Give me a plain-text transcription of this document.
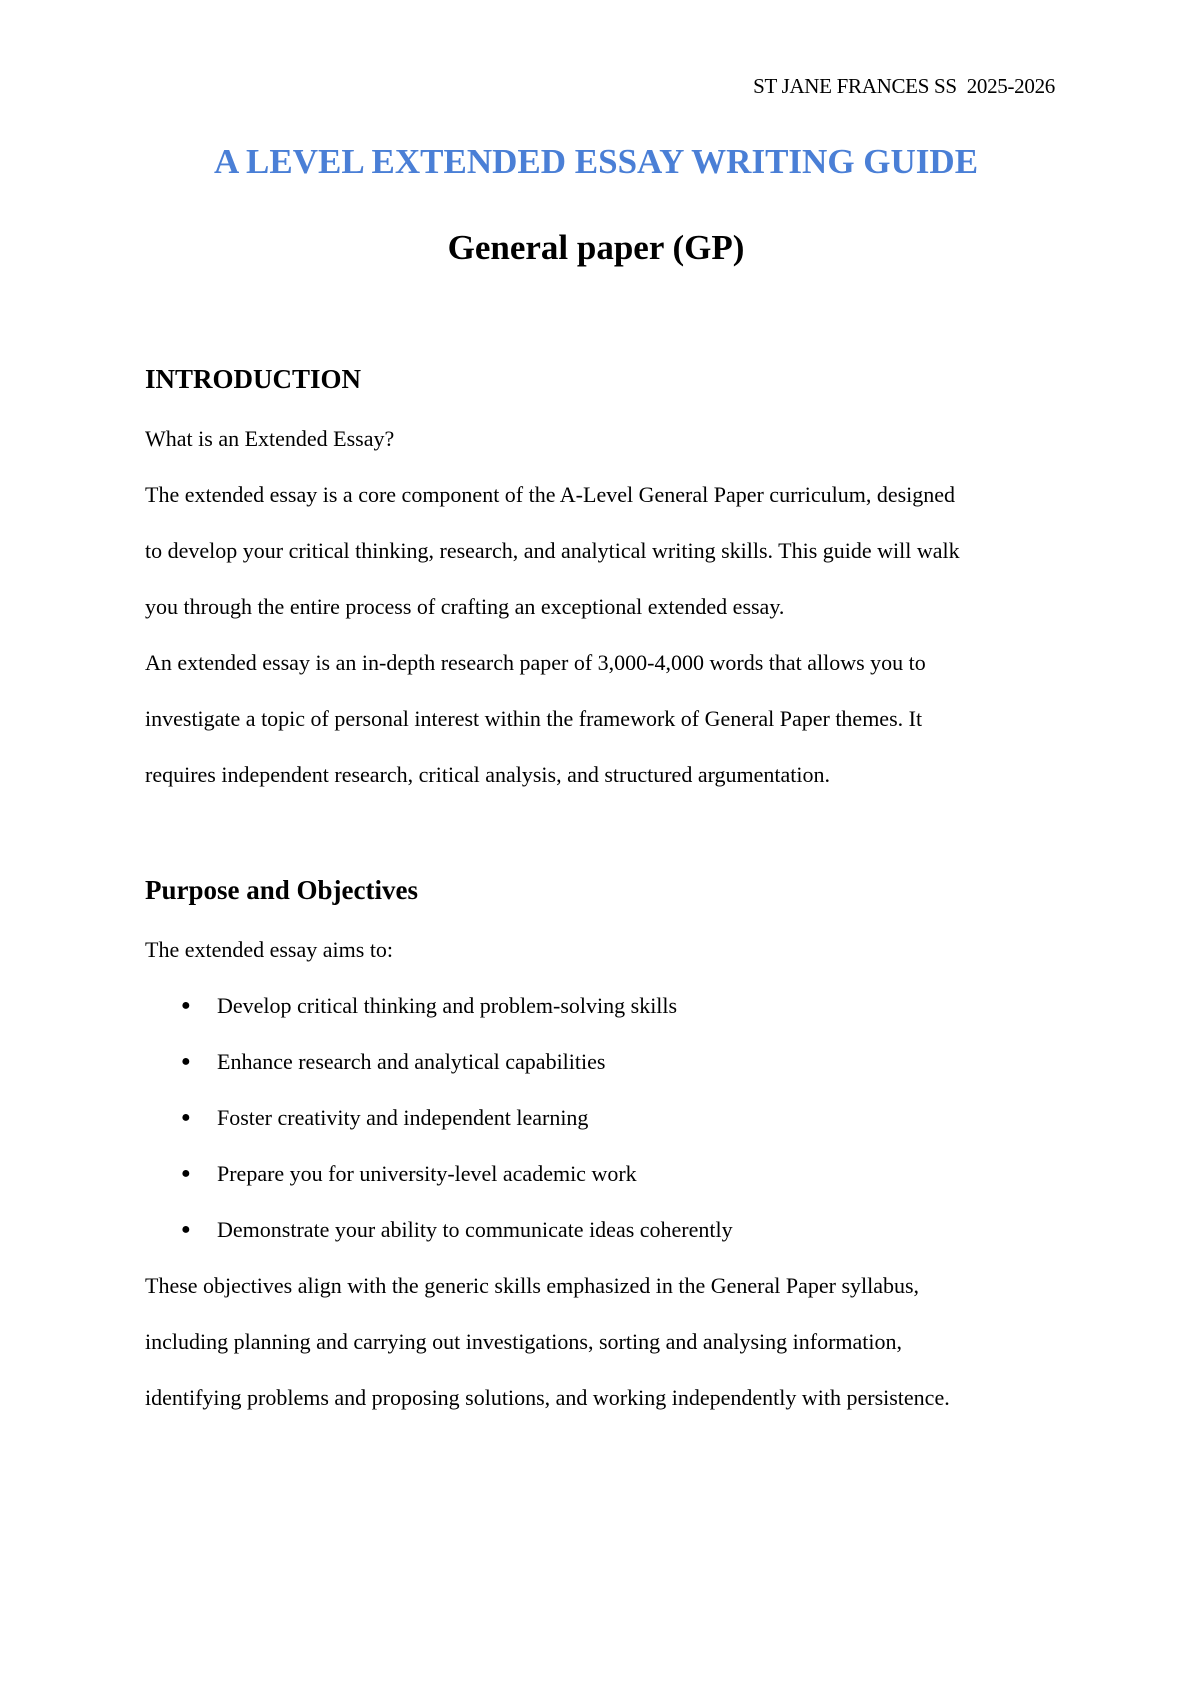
ST JANE FRANCES SS  2025-2026
A LEVEL EXTENDED ESSAY WRITING GUIDE
General paper (GP)
INTRODUCTION
What is an Extended Essay?
The extended essay is a core component of the A-Level General Paper curriculum, designed
to develop your critical thinking, research, and analytical writing skills. This guide will walk
you through the entire process of crafting an exceptional extended essay.
An extended essay is an in-depth research paper of 3,000-4,000 words that allows you to
investigate a topic of personal interest within the framework of General Paper themes. It
requires independent research, critical analysis, and structured argumentation.
Purpose and Objectives
The extended essay aims to:
● Develop critical thinking and problem-solving skills
● Enhance research and analytical capabilities
● Foster creativity and independent learning
● Prepare you for university-level academic work
● Demonstrate your ability to communicate ideas coherently
These objectives align with the generic skills emphasized in the General Paper syllabus,
including planning and carrying out investigations, sorting and analysing information,
identifying problems and proposing solutions, and working independently with persistence.
